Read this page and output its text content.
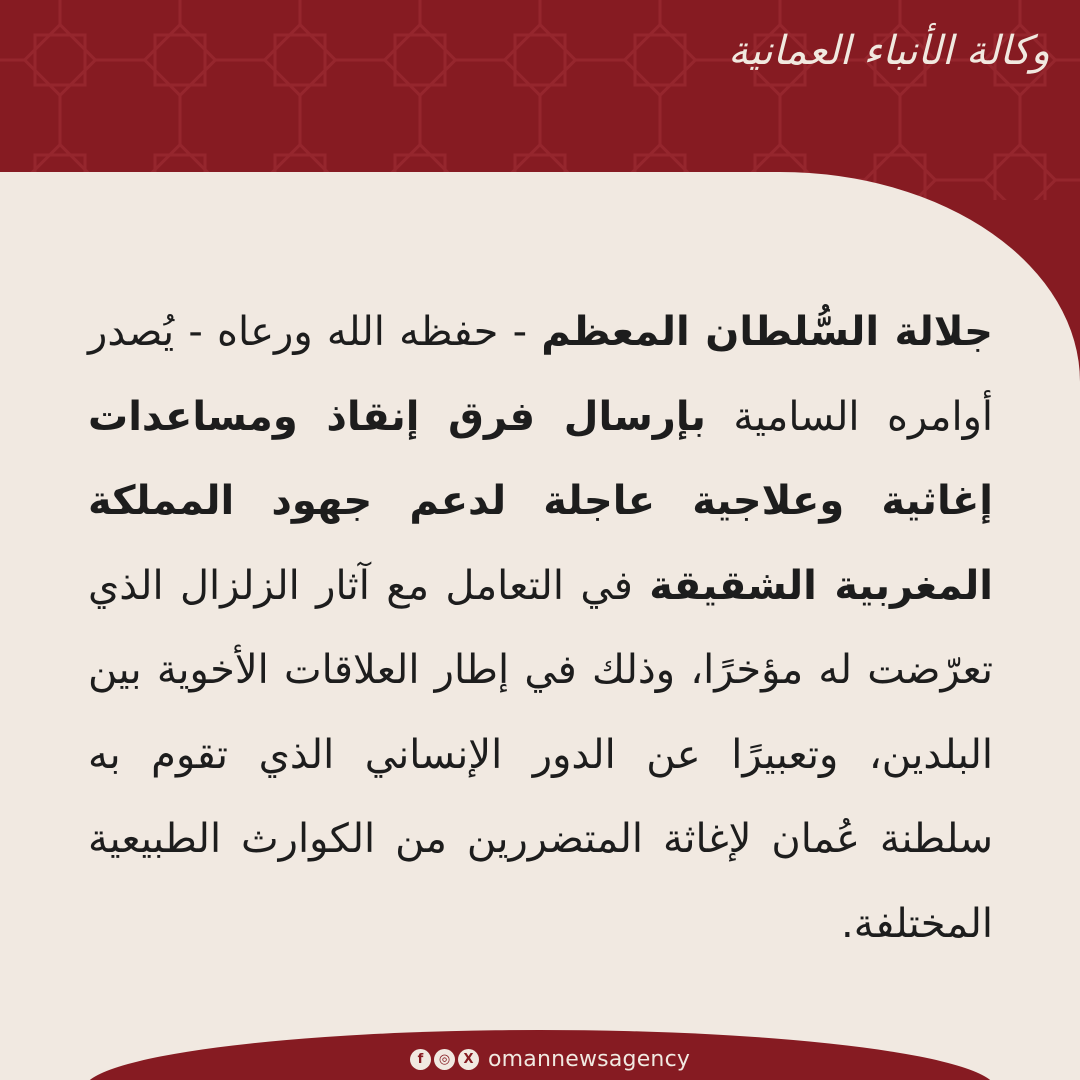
وكالة الأنباء العمانية
جلالة السُّلطان المعظم - حفظه الله ورعاه - يُصدر أوامره السامية بإرسال فرق إنقاذ ومساعدات إغاثية وعلاجية عاجلة لدعم جهود المملكة المغربية الشقيقة في التعامل مع آثار الزلزال الذي تعرّضت له مؤخرًا، وذلك في إطار العلاقات الأخوية بين البلدين، وتعبيرًا عن الدور الإنساني الذي تقوم به سلطنة عُمان لإغاثة المتضررين من الكوارث الطبيعية المختلفة.
f	◎	X omannewsagency
